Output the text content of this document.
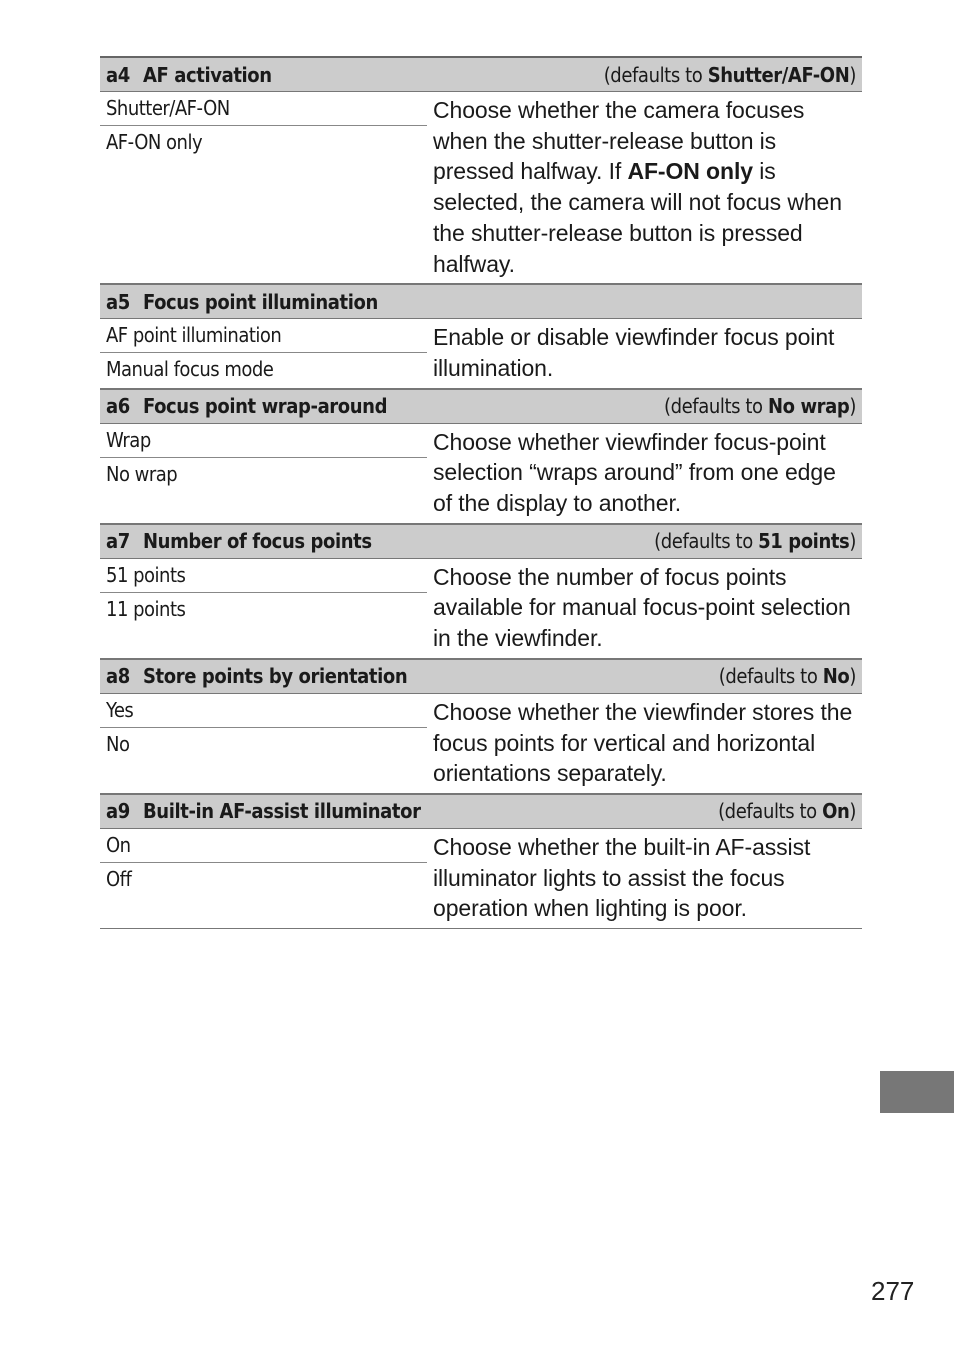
a4 AF activation	(defaults to Shutter/AF-ON)
Shutter/AF-ON
AF-ON only
Choose whether the camera focuses when the shutter-release button is pressed halfway. If AF-ON only is selected, the camera will not focus when the shutter-release button is pressed halfway.
a5 Focus point illumination
AF point illumination
Manual focus mode
Enable or disable viewfinder focus point illumination.
a6 Focus point wrap-around	(defaults to No wrap)
Wrap
No wrap
Choose whether viewfinder focus-point selection “wraps around” from one edge of the display to another.
a7 Number of focus points	(defaults to 51 points)
51 points
11 points
Choose the number of focus points available for manual focus-point selection in the viewfinder.
a8 Store points by orientation	(defaults to No)
Yes
No
Choose whether the viewfinder stores the focus points for vertical and horizontal orientations separately.
a9 Built-in AF-assist illuminator	(defaults to On)
On
Off
Choose whether the built-in AF-assist illuminator lights to assist the focus operation when lighting is poor.
277
